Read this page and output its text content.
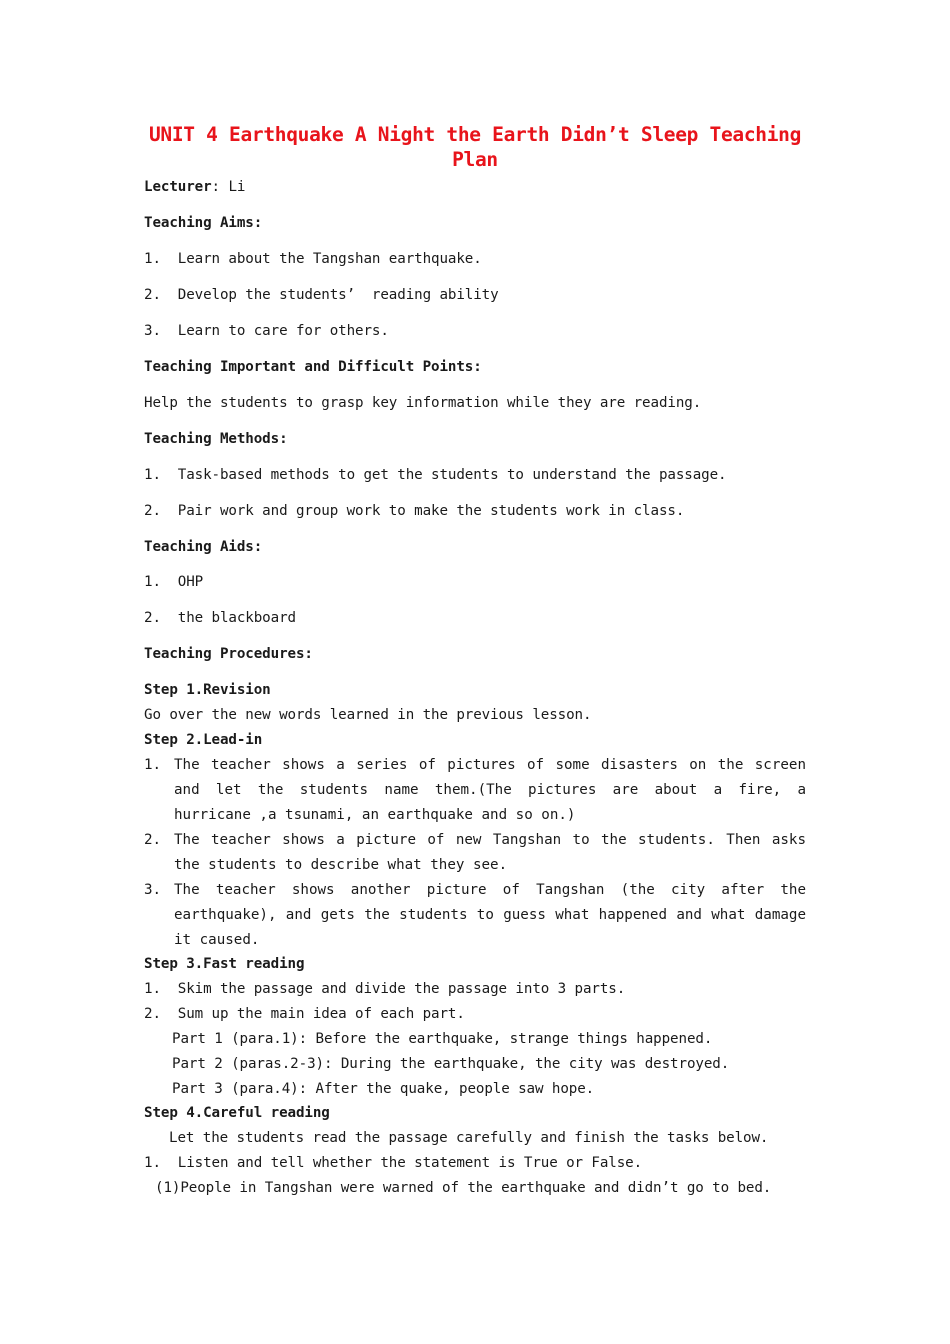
UNIT 4 Earthquake A Night the Earth Didn’t Sleep Teaching Plan
Lecturer: Li
Teaching Aims:
1.  Learn about the Tangshan earthquake.
2.  Develop the students’  reading ability
3.  Learn to care for others.
Teaching Important and Difficult Points:
Help the students to grasp key information while they are reading.
Teaching Methods:
1.  Task-based methods to get the students to understand the passage.
2.  Pair work and group work to make the students work in class.
Teaching Aids:
1.  OHP
2.  the blackboard
Teaching Procedures:
Step 1.Revision
Go over the new words learned in the previous lesson.
Step 2.Lead-in
1. The teacher shows a series of pictures of some disasters on the screen and let the students name them.(The pictures are about a fire, a hurricane ,a tsunami, an earthquake and so on.)
2. The teacher shows a picture of new Tangshan to the students. Then asks the students to describe what they see.
3. The teacher shows another picture of Tangshan (the city after the earthquake), and gets the students to guess what happened and what damage it caused.
Step 3.Fast reading
1.  Skim the passage and divide the passage into 3 parts.
2.  Sum up the main idea of each part.
Part 1 (para.1): Before the earthquake, strange things happened.
Part 2 (paras.2-3): During the earthquake, the city was destroyed.
Part 3 (para.4): After the quake, people saw hope.
Step 4.Careful reading
Let the students read the passage carefully and finish the tasks below.
1.  Listen and tell whether the statement is True or False.
(1)People in Tangshan were warned of the earthquake and didn’t go to bed.
